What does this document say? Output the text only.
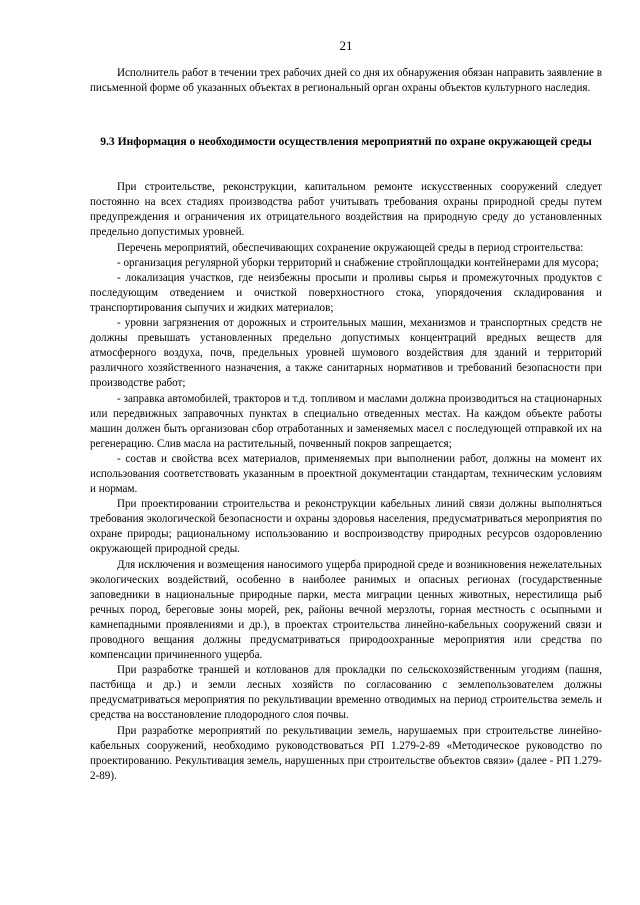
21

Исполнитель работ в течении трех рабочих дней со дня их обнаружения обязан направить заявление в письменной форме об указанных объектах в региональный орган охраны объектов культурного наследия.

9.3 Информация о необходимости осуществления мероприятий по охране окружающей среды

При строительстве, реконструкции, капитальном ремонте искусственных сооружений следует постоянно на всех стадиях производства работ учитывать требования охраны природной среды путем предупреждения и ограничения их отрицательного воздействия на природную среду до установленных предельно допустимых уровней.

Перечень мероприятий, обеспечивающих сохранение окружающей среды в период строительства:

- организация регулярной уборки территорий и снабжение стройплощадки контейнерами для мусора;

- локализация участков, где неизбежны просыпи и проливы сырья и промежуточных продуктов с последующим отведением и очисткой поверхностного стока, упорядочения складирования и транспортирования сыпучих и жидких материалов;

- уровни загрязнения от дорожных и строительных машин, механизмов и транспортных средств не должны превышать установленных предельно допустимых концентраций вредных веществ для атмосферного воздуха, почв, предельных уровней шумового воздействия для зданий и территорий различного хозяйственного назначения, а также санитарных нормативов и требований безопасности при производстве работ;

- заправка автомобилей, тракторов и т.д. топливом и маслами должна производиться на стационарных или передвижных заправочных пунктах в специально отведенных местах. На каждом объекте работы машин должен быть организован сбор отработанных и заменяемых масел с последующей отправкой их на регенерацию. Слив масла на растительный, почвенный покров запрещается;

- состав и свойства всех материалов, применяемых при выполнении работ, должны на момент их использования соответствовать указанным в проектной документации стандартам, техническим условиям и нормам.

При проектировании строительства и реконструкции кабельных линий связи должны выполняться требования экологической безопасности и охраны здоровья населения, предусматриваться мероприятия по охране природы; рациональному использованию и воспроизводству природных ресурсов оздоровлению окружающей природной среды.

Для исключения и возмещения наносимого ущерба природной среде и возникновения нежелательных экологических воздействий, особенно в наиболее ранимых и опасных регионах (государственные заповедники в национальные природные парки, места миграции ценных животных, нерестилища рыб речных пород, береговые зоны морей, рек, районы вечной мерзлоты, горная местность с осыпными и камнепадными проявлениями и др.), в проектах строительства линейно-кабельных сооружений связи и проводного вещания должны предусматриваться природоохранные мероприятия или средства по компенсации причиненного ущерба.

При разработке траншей и котлованов для прокладки по сельскохозяйственным угодиям (пашня, пастбища и др.) и земли лесных хозяйств по согласованию с землепользователем должны предусматриваться мероприятия по рекультивации временно отводимых на период строительства земель и средства на восстановление плодородного слоя почвы.

При разработке мероприятий по рекультивации земель, нарушаемых при строительстве линейно-кабельных сооружений, необходимо руководствоваться РП 1.279-2-89 «Методическое руководство по проектированию. Рекультивация земель, нарушенных при строительстве объектов связи» (далее - РП 1.279-2-89).
